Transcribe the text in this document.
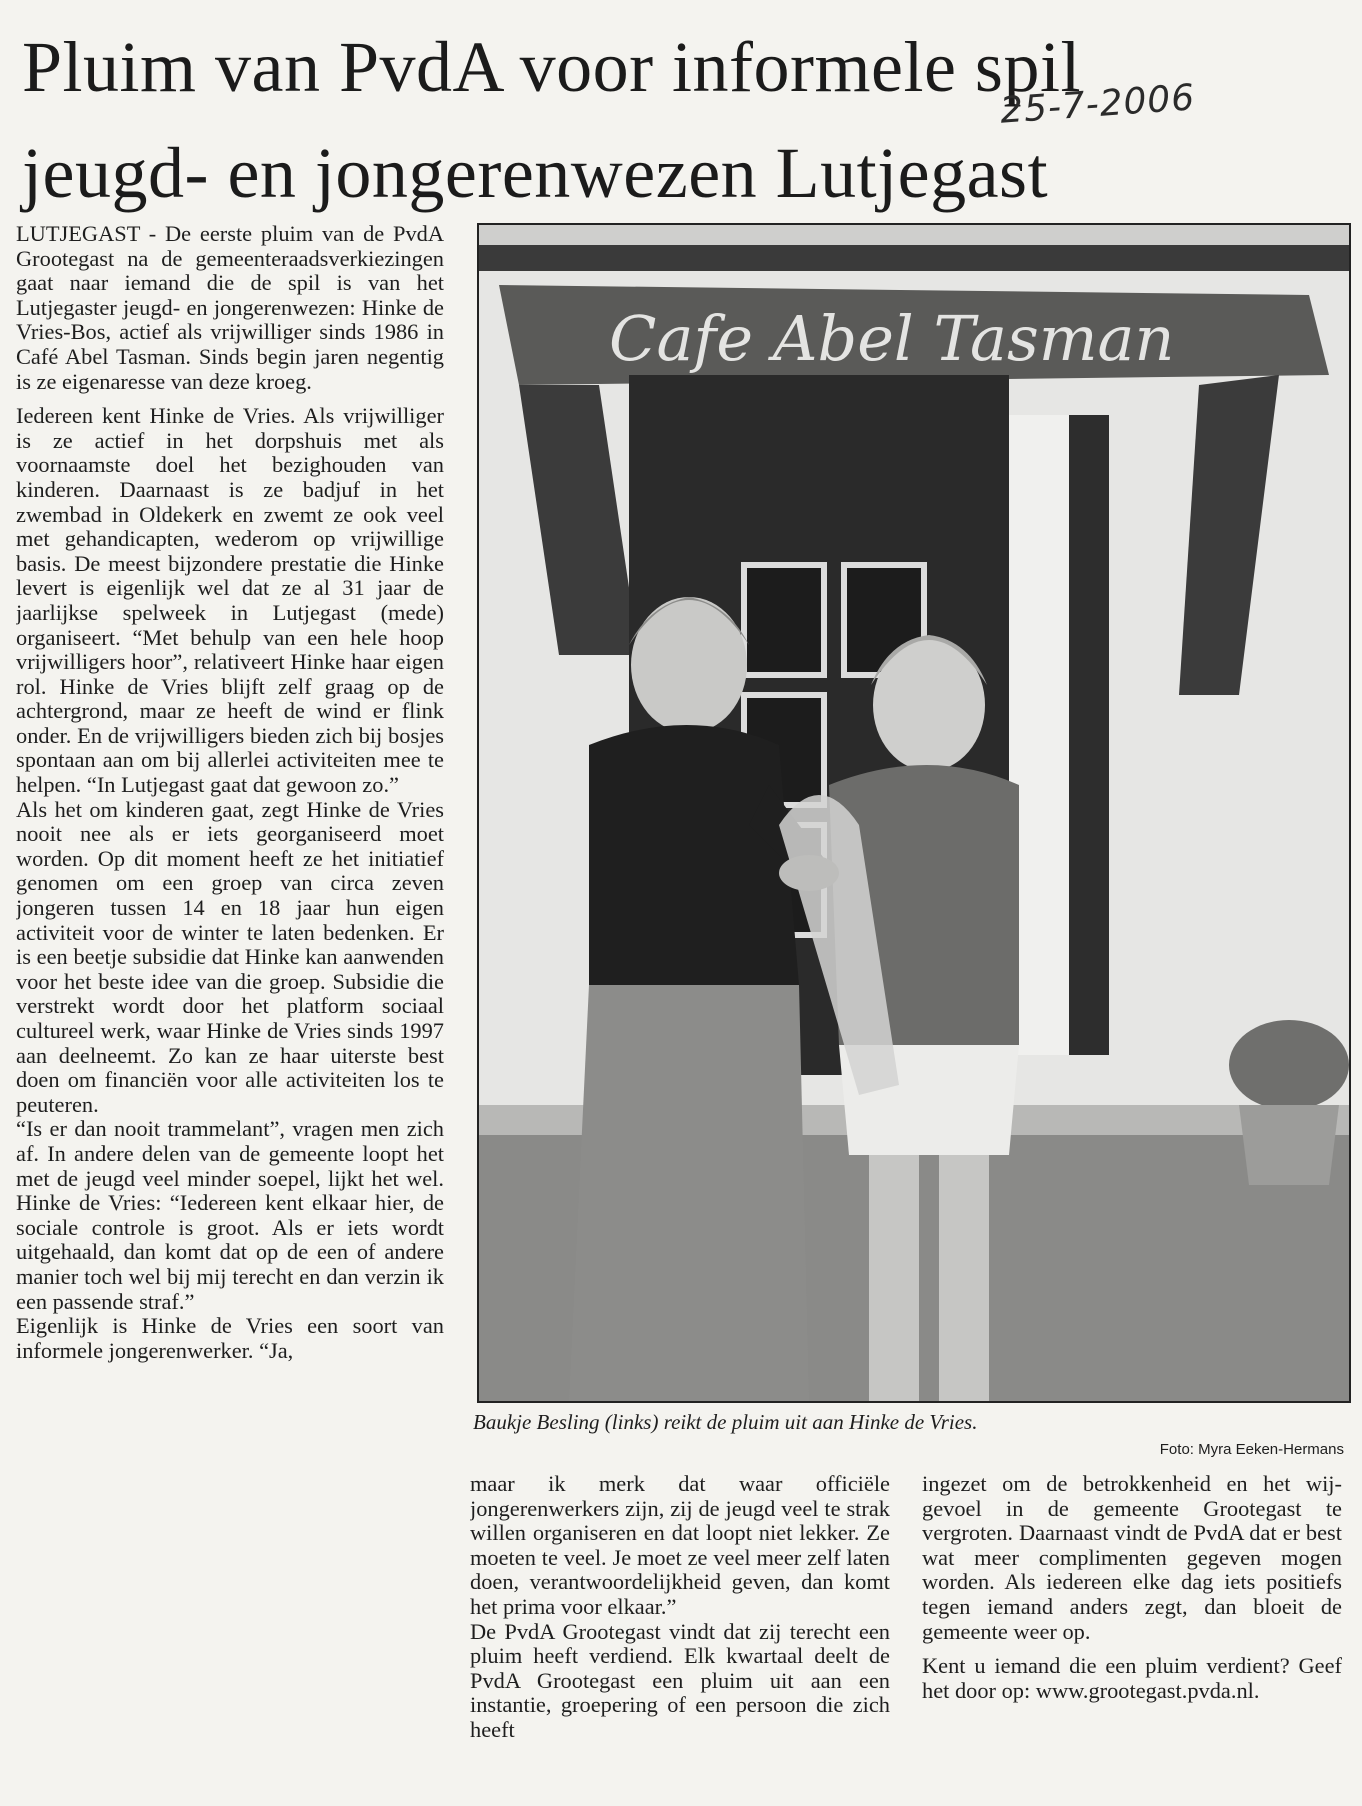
Pluim van PvdA voor informele spil
jeugd- en jongerenwezen Lutjegast
25-7-2006

LUTJEGAST - De eerste pluim van de PvdA Grootegast na de gemeenteraadsverkiezingen gaat naar iemand die de spil is van het Lutjegaster jeugd- en jongerenwezen: Hinke de Vries-Bos, actief als vrijwilliger sinds 1986 in Café Abel Tasman. Sinds begin jaren negentig is ze eigenaresse van deze kroeg.

Iedereen kent Hinke de Vries. Als vrijwilliger is ze actief in het dorpshuis met als voornaamste doel het bezighouden van kinderen. Daarnaast is ze badjuf in het zwembad in Oldekerk en zwemt ze ook veel met gehandicapten, wederom op vrijwillige basis. De meest bijzondere prestatie die Hinke levert is eigenlijk wel dat ze al 31 jaar de jaarlijkse spelweek in Lutjegast (mede) organiseert. “Met behulp van een hele hoop vrijwilligers hoor”, relativeert Hinke haar eigen rol. Hinke de Vries blijft zelf graag op de achtergrond, maar ze heeft de wind er flink onder. En de vrijwilligers bieden zich bij bosjes spontaan aan om bij allerlei activiteiten mee te helpen. “In Lutjegast gaat dat gewoon zo.”

Als het om kinderen gaat, zegt Hinke de Vries nooit nee als er iets georganiseerd moet worden. Op dit moment heeft ze het initiatief genomen om een groep van circa zeven jongeren tussen 14 en 18 jaar hun eigen activiteit voor de winter te laten bedenken. Er is een beetje subsidie dat Hinke kan aanwenden voor het beste idee van die groep. Subsidie die verstrekt wordt door het platform sociaal cultureel werk, waar Hinke de Vries sinds 1997 aan deelneemt. Zo kan ze haar uiterste best doen om financiën voor alle activiteiten los te peuteren.

“Is er dan nooit trammelant”, vragen men zich af. In andere delen van de gemeente loopt het met de jeugd veel minder soepel, lijkt het wel. Hinke de Vries: “Iedereen kent elkaar hier, de sociale controle is groot. Als er iets wordt uitgehaald, dan komt dat op de een of andere manier toch wel bij mij terecht en dan verzin ik een passende straf.”

Eigenlijk is Hinke de Vries een soort van informele jongerenwerker. “Ja,

Cafe Abel Tasman
Baukje Besling (links) reikt de pluim uit aan Hinke de Vries.
Foto: Myra Eeken-Hermans

maar ik merk dat waar officiële jongerenwerkers zijn, zij de jeugd veel te strak willen organiseren en dat loopt niet lekker. Ze moeten te veel. Je moet ze veel meer zelf laten doen, verantwoordelijkheid geven, dan komt het prima voor elkaar.”

De PvdA Grootegast vindt dat zij terecht een pluim heeft verdiend. Elk kwartaal deelt de PvdA Grootegast een pluim uit aan een instantie, groepering of een persoon die zich heeft

ingezet om de betrokkenheid en het wij-gevoel in de gemeente Grootegast te vergroten. Daarnaast vindt de PvdA dat er best wat meer complimenten gegeven mogen worden. Als iedereen elke dag iets positiefs tegen iemand anders zegt, dan bloeit de gemeente weer op.

Kent u iemand die een pluim verdient? Geef het door op: www.grootegast.pvda.nl.
